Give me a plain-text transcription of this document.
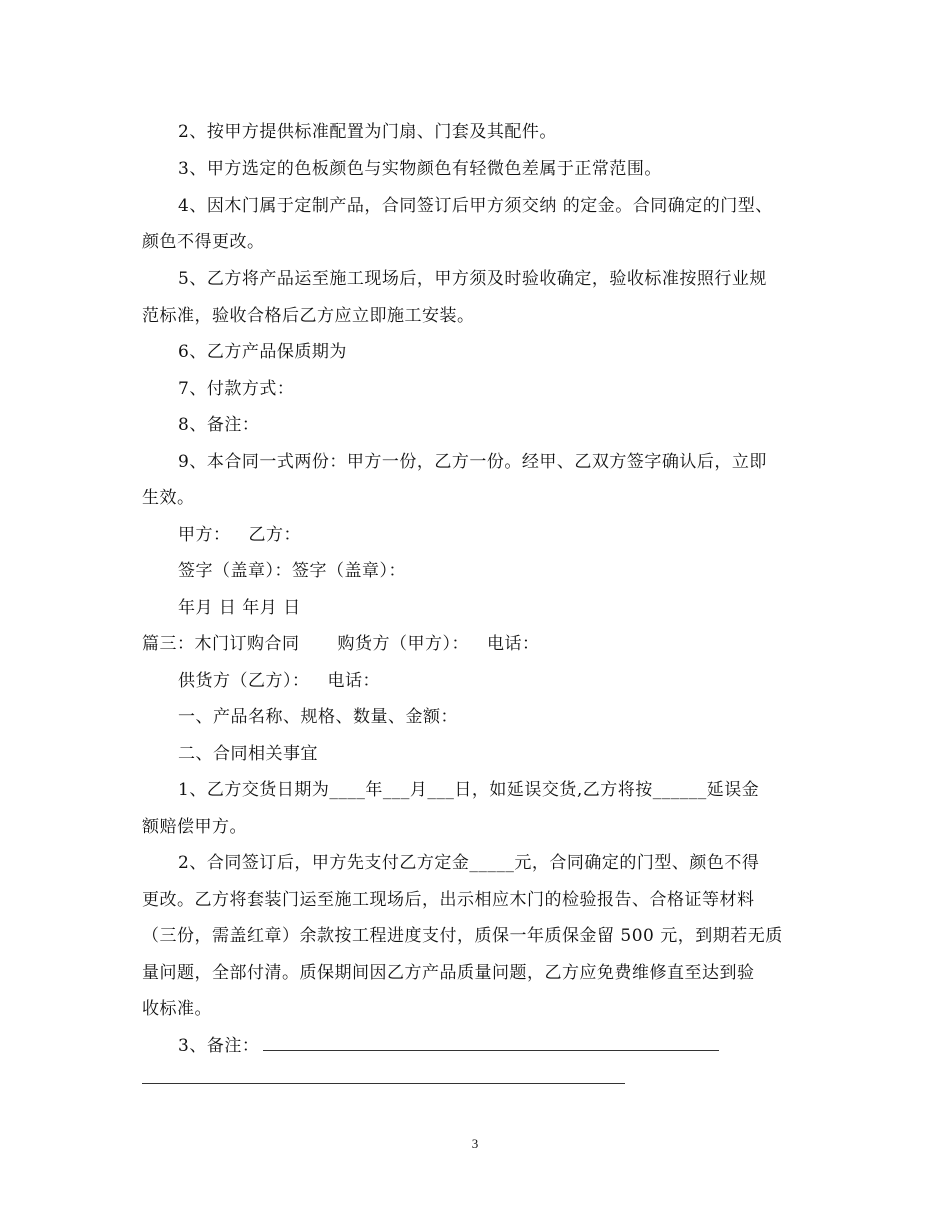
2、按甲方提供标准配置为门扇、门套及其配件。
3、甲方选定的色板颜色与实物颜色有轻微色差属于正常范围。
4、因木门属于定制产品，合同签订后甲方须交纳 的定金。合同确定的门型、
颜色不得更改。
5、乙方将产品运至施工现场后，甲方须及时验收确定，验收标准按照行业规
范标准，验收合格后乙方应立即施工安装。
6、乙方产品保质期为
7、付款方式：
8、备注：
9、本合同一式两份：甲方一份，乙方一份。经甲、乙双方签字确认后，立即
生效。
甲方： 乙方：
签字（盖章）：签字（盖章）：
年月 日 年月 日
篇三：木门订购合同 购货方（甲方）： 电话：
供货方（乙方）： 电话：
一、产品名称、规格、数量、金额：
二、合同相关事宜
1、乙方交货日期为____年___月___日，如延误交货,乙方将按______延误金
额赔偿甲方。
2、合同签订后，甲方先支付乙方定金_____元，合同确定的门型、颜色不得
更改。乙方将套装门运至施工现场后，出示相应木门的检验报告、合格证等材料
（三份，需盖红章）余款按工程进度支付，质保一年质保金留 500 元，到期若无质
量问题，全部付清。质保期间因乙方产品质量问题，乙方应免费维修直至达到验
收标准。
3、备注：
3
